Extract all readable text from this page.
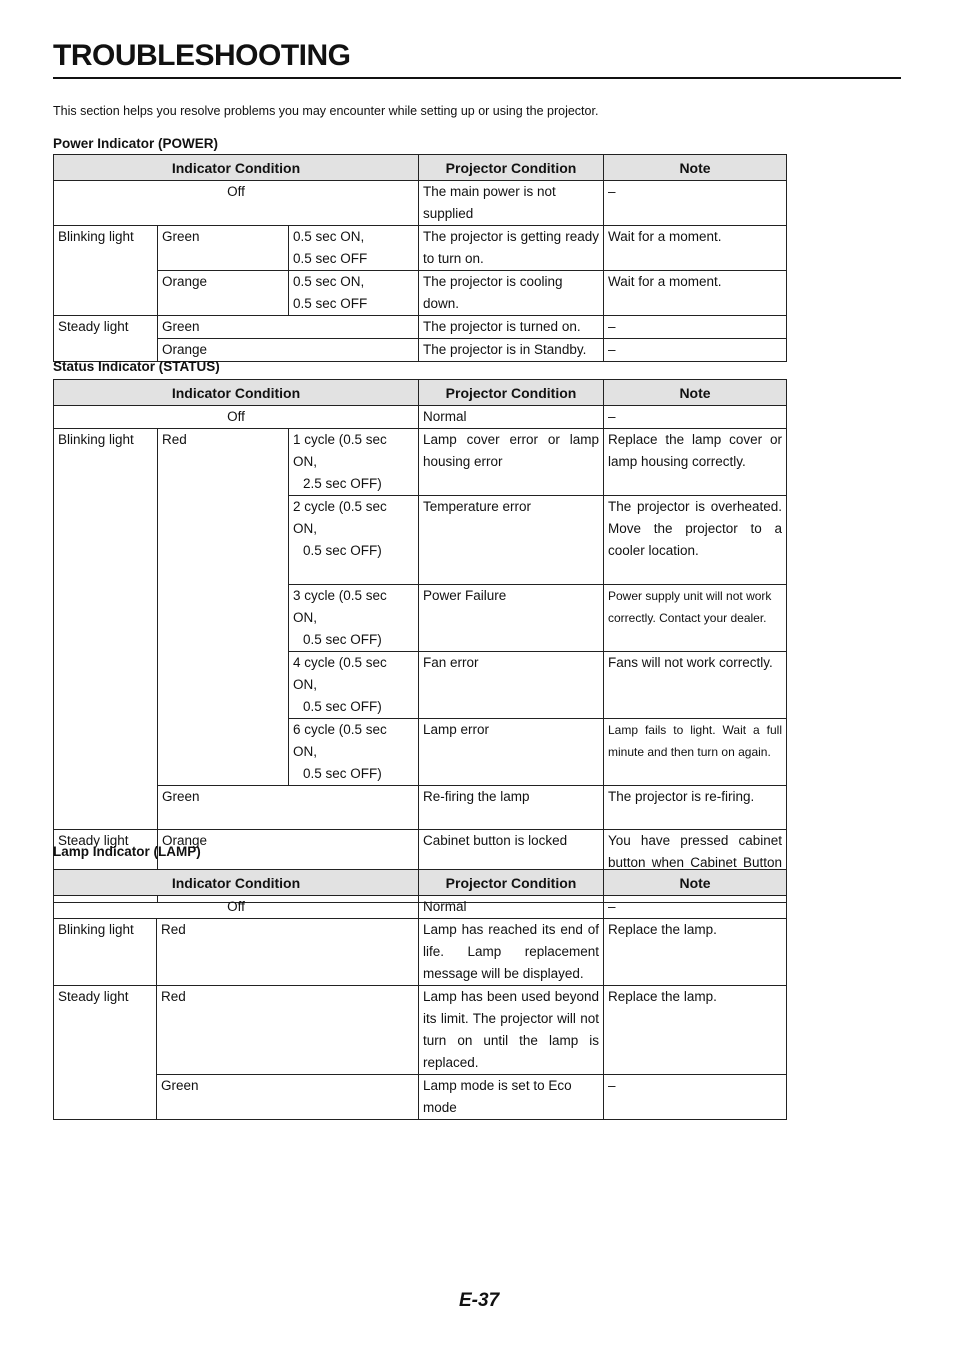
TROUBLESHOOTING
This section helps you resolve problems you may encounter while setting up or using the projector.
Power Indicator (POWER)
Indicator Condition			Projector Condition	Note
Off			The main power is not supplied	–
Blinking light	Green	0.5 sec ON,
0.5 sec OFF	The projector is getting ready to turn on.	Wait for a moment.
	Orange	0.5 sec ON,
0.5 sec OFF	The projector is cooling down.	Wait for a moment.
Steady light	Green		The projector is turned on.	–
	Orange		The projector is in Standby.	–
Status Indicator (STATUS)
Indicator Condition			Projector Condition	Note
Off			Normal	–
Blinking light	Red	1 cycle (0.5 sec ON,
2.5 sec OFF)	Lamp cover error or lamp housing error	Replace the lamp cover or lamp housing correctly.
		2 cycle (0.5 sec ON,
0.5 sec OFF)	Temperature error	The projector is overheated. Move the projector to a cooler location.
		3 cycle (0.5 sec ON,
0.5 sec OFF)	Power Failure	Power supply unit will not work correctly. Contact your dealer.
		4 cycle (0.5 sec ON,
0.5 sec OFF)	Fan error	Fans will not work correctly.
		6 cycle (0.5 sec ON,
0.5 sec OFF)	Lamp error	Lamp fails to light. Wait a full minute and then turn on again.
	Green		Re-firing the lamp	The projector is re-firing.
Steady light	Orange		Cabinet button is locked	You have pressed cabinet button when Cabinet Button
Lamp Indicator (LAMP)
Indicator Condition		Projector Condition	Note
Off		Normal	–
Blinking light	Red	Lamp has reached its end of life. Lamp replacement message will be displayed.	Replace the lamp.
Steady light	Red	Lamp has been used beyond its limit. The projector will not turn on until the lamp is replaced.	Replace the lamp.
	Green	Lamp mode is set to Eco mode	–
E-37
